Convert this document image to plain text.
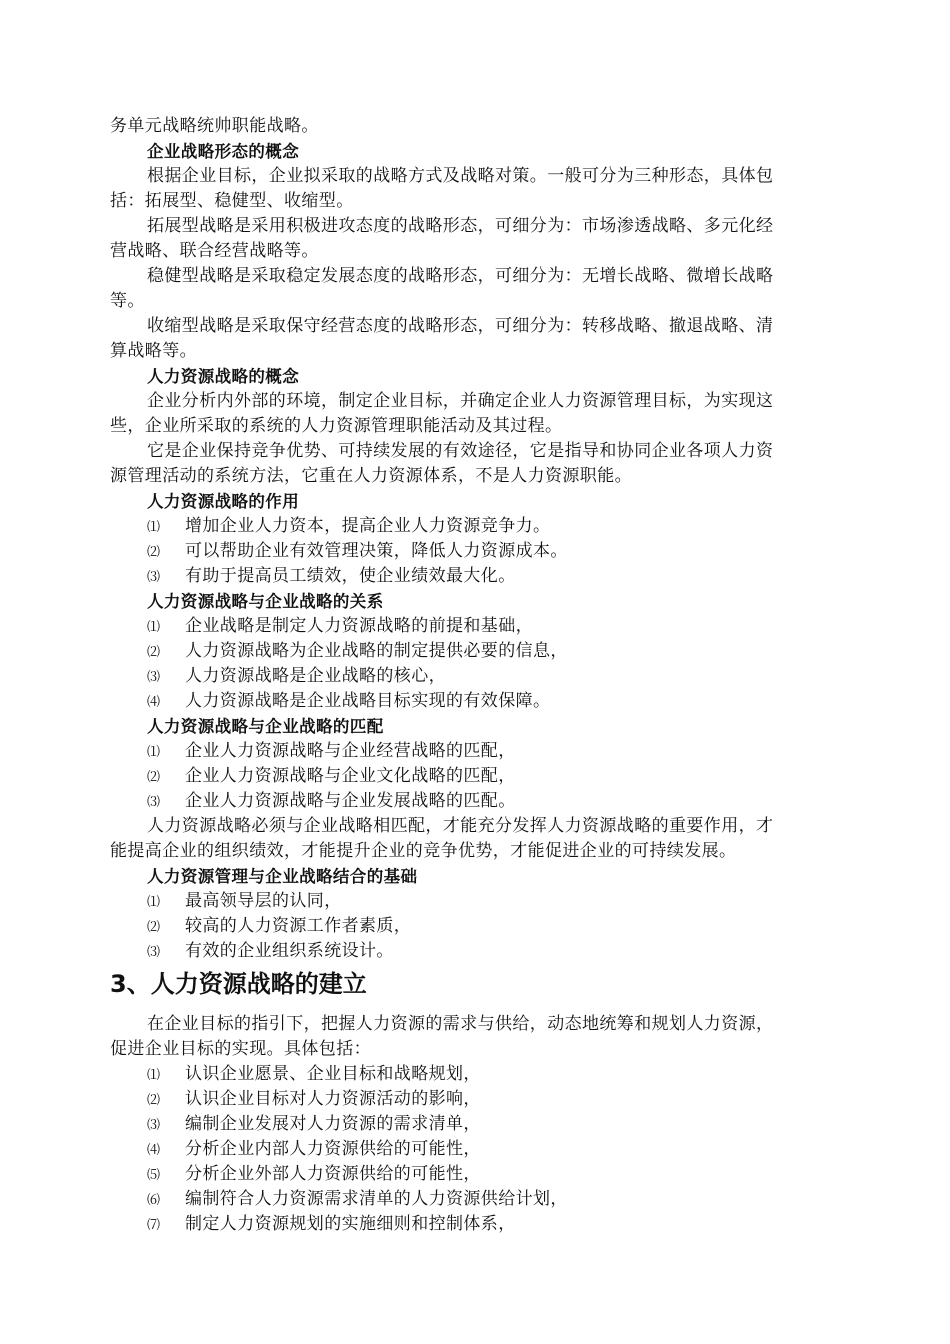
务单元战略统帅职能战略。
企业战略形态的概念
根据企业目标，企业拟采取的战略方式及战略对策。一般可分为三种形态，具体包
括：拓展型、稳健型、收缩型。
拓展型战略是采用积极进攻态度的战略形态，可细分为：市场渗透战略、多元化经
营战略、联合经营战略等。
稳健型战略是采取稳定发展态度的战略形态，可细分为：无增长战略、微增长战略
等。
收缩型战略是采取保守经营态度的战略形态，可细分为：转移战略、撤退战略、清
算战略等。
人力资源战略的概念
企业分析内外部的环境，制定企业目标，并确定企业人力资源管理目标，为实现这
些，企业所采取的系统的人力资源管理职能活动及其过程。
它是企业保持竞争优势、可持续发展的有效途径，它是指导和协同企业各项人力资
源管理活动的系统方法，它重在人力资源体系，不是人力资源职能。
人力资源战略的作用
⑴ 增加企业人力资本，提高企业人力资源竞争力。
⑵ 可以帮助企业有效管理决策，降低人力资源成本。
⑶ 有助于提高员工绩效，使企业绩效最大化。
人力资源战略与企业战略的关系
⑴ 企业战略是制定人力资源战略的前提和基础，
⑵ 人力资源战略为企业战略的制定提供必要的信息，
⑶ 人力资源战略是企业战略的核心，
⑷ 人力资源战略是企业战略目标实现的有效保障。
人力资源战略与企业战略的匹配
⑴ 企业人力资源战略与企业经营战略的匹配，
⑵ 企业人力资源战略与企业文化战略的匹配，
⑶ 企业人力资源战略与企业发展战略的匹配。
人力资源战略必须与企业战略相匹配，才能充分发挥人力资源战略的重要作用，才
能提高企业的组织绩效，才能提升企业的竞争优势，才能促进企业的可持续发展。
人力资源管理与企业战略结合的基础
⑴ 最高领导层的认同，
⑵ 较高的人力资源工作者素质，
⑶ 有效的企业组织系统设计。
3、人力资源战略的建立
在企业目标的指引下，把握人力资源的需求与供给，动态地统筹和规划人力资源，
促进企业目标的实现。具体包括：
⑴ 认识企业愿景、企业目标和战略规划，
⑵ 认识企业目标对人力资源活动的影响，
⑶ 编制企业发展对人力资源的需求清单，
⑷ 分析企业内部人力资源供给的可能性，
⑸ 分析企业外部人力资源供给的可能性，
⑹ 编制符合人力资源需求清单的人力资源供给计划，
⑺ 制定人力资源规划的实施细则和控制体系，
